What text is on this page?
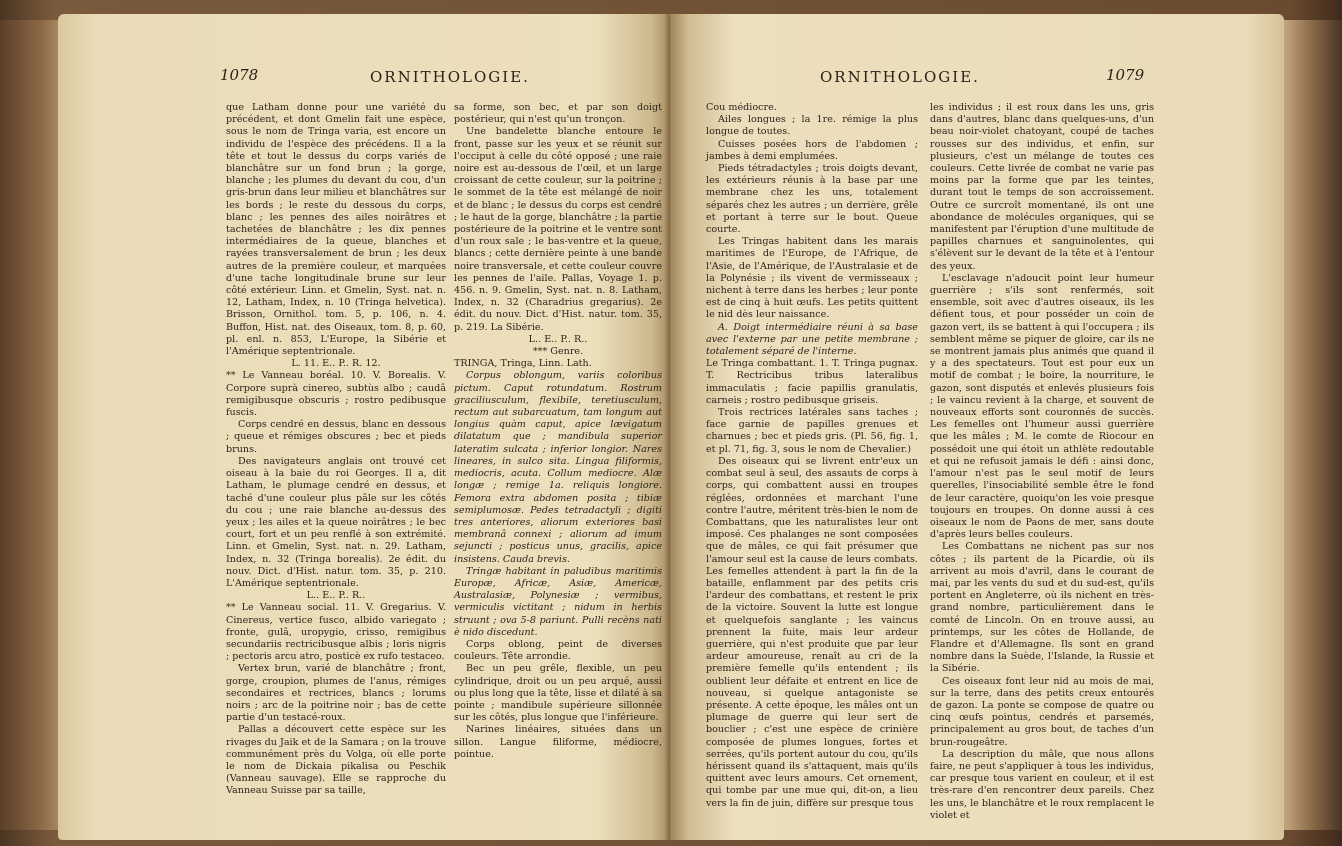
1078	ORNITHOLOGIE.

que Latham donne pour une variété du précédent, et dont Gmelin fait une espèce, sous le nom de Tringa varia, est encore un individu de l'espèce des précédens. Il a la tête et tout le dessus du corps variés de blanchâtre sur un fond brun ; la gorge, blanche ; les plumes du devant du cou, d'un gris-brun dans leur milieu et blanchâtres sur les bords ; le reste du dessous du corps, blanc ; les pennes des ailes noirâtres et tachetées de blanchâtre ; les dix pennes intermédiaires de la queue, blanches et rayées transversalement de brun ; les deux autres de la première couleur, et marquées d'une tache longitudinale brune sur leur côté extérieur. Linn. et Gmelin, Syst. nat. n. 12, Latham, Index, n. 10 (Tringa helvetica). Brisson, Ornithol. tom. 5, p. 106, n. 4. Buffon, Hist. nat. des Oiseaux, tom. 8, p. 60, pl. enl. n. 853, L'Europe, la Sibérie et l'Amérique septentrionale.

L. 11. E.. P.. R. 12.

** Le Vanneau boréal. 10. V. Borealis. V. Corpore suprà cinereo, subtùs albo ; caudâ remigibusque obscuris ; rostro pedibusque fuscis.

Corps cendré en dessus, blanc en dessous ; queue et rémiges obscures ; bec et pieds bruns.

Des navigateurs anglais ont trouvé cet oiseau à la baie du roi Georges. Il a, dit Latham, le plumage cendré en dessus, et taché d'une couleur plus pâle sur les côtés du cou ; une raie blanche au-dessus des yeux ; les ailes et la queue noirâtres ; le bec court, fort et un peu renflé à son extrémité. Linn. et Gmelin, Syst. nat. n. 29. Latham, Index, n. 32 (Tringa borealis). 2e édit. du nouv. Dict. d'Hist. natur. tom. 35, p. 210. L'Amérique septentrionale.

L.. E.. P.. R..

** Le Vanneau social. 11. V. Gregarius. V. Cinereus, vertice fusco, albido variegato ; fronte, gulâ, uropygio, crisso, remigibus secundariis rectricibusque albis ; loris nigris ; pectoris arcu atro, posticè ex rufo testaceo.

Vertex brun, varié de blanchâtre ; front, gorge, croupion, plumes de l'anus, rémiges secondaires et rectrices, blancs ; lorums noirs ; arc de la poitrine noir ; bas de cette partie d'un testacé-roux.

Pallas a découvert cette espèce sur les rivages du Jaik et de la Samara ; on la trouve communément près du Volga, où elle porte le nom de Dickaia pikalisa ou Peschik (Vanneau sauvage). Elle se rapproche du Vanneau Suisse par sa taille,

sa forme, son bec, et par son doigt postérieur, qui n'est qu'un tronçon.

Une bandelette blanche entoure le front, passe sur les yeux et se réunit sur l'occiput à celle du côté opposé ; une raie noire est au-dessous de l'œil, et un large croissant de cette couleur, sur la poitrine ; le sommet de la tête est mélangé de noir et de blanc ; le dessus du corps est cendré ; le haut de la gorge, blanchâtre ; la partie postérieure de la poitrine et le ventre sont d'un roux sale ; le bas-ventre et la queue, blancs ; cette dernière peinte à une bande noire transversale, et cette couleur couvre les pennes de l'aile. Pallas, Voyage 1. p. 456. n. 9. Gmelin, Syst. nat. n. 8. Latham, Index, n. 32 (Charadrius gregarius). 2e édit. du nouv. Dict. d'Hist. natur. tom. 35, p. 219. La Sibérie.

L.. E.. P.. R..

*** Genre.

TRINGA, Tringa, Linn. Lath.

Corpus oblongum, variis coloribus pictum. Caput rotundatum. Rostrum graciliusculum, flexibile, teretiusculum, rectum aut subarcuatum, tam longum aut longius quàm caput, apice lævigatum dilatatum que ; mandibula superior lateratim sulcata ; inferior longior. Nares lineares, in sulco sita. Lingua filiformis, mediocris, acuta. Collum mediocre. Alæ longæ ; remige 1a. reliquis longiore. Femora extra abdomen posita ; tibiæ semiplumosæ. Pedes tetradactyli ; digiti tres anteriores, aliorum exteriores basi membranâ connexi ; aliorum ad imum sejuncti ; posticus unus, gracilis, apice insistens. Cauda brevis.

Tringæ habitant in paludibus maritimis Europæ, Africæ, Asiæ, Americæ, Australasiæ, Polynesiæ ; vermibus, vermiculis victitant ; nidum in herbis struunt ; ova 5-8 pariunt. Pulli recèns nati è nido discedunt.

Corps oblong, peint de diverses couleurs. Tête arrondie.

Bec un peu grêle, flexible, un peu cylindrique, droit ou un peu arqué, aussi ou plus long que la tête, lisse et dilaté à sa pointe ; mandibule supérieure sillonnée sur les côtés, plus longue que l'inférieure.

Narines linéaires, situées dans un sillon. Langue filiforme, médiocre, pointue.

ORNITHOLOGIE.	1079

Cou médiocre.

Ailes longues ; la 1re. rémige la plus longue de toutes.

Cuisses posées hors de l'abdomen ; jambes à demi emplumées.

Pieds tétradactyles ; trois doigts devant, les extérieurs réunis à la base par une membrane chez les uns, totalement séparés chez les autres ; un derrière, grêle et portant à terre sur le bout. Queue courte.

Les Tringas habitent dans les marais maritimes de l'Europe, de l'Afrique, de l'Asie, de l'Amérique, de l'Australasie et de la Polynésie ; ils vivent de vermisseaux ; nichent à terre dans les herbes ; leur ponte est de cinq à huit œufs. Les petits quittent le nid dès leur naissance.

A. Doigt intermédiaire réuni à sa base avec l'externe par une petite membrane ; totalement séparé de l'interne.

Le Tringa combattant. 1. T. Tringa pugnax. T. Rectricibus tribus lateralibus immaculatis ; facie papillis granulatis, carneis ; rostro pedibusque griseis.

Trois rectrices latérales sans taches ; face garnie de papilles grenues et charnues ; bec et pieds gris. (Pl. 56, fig. 1, et pl. 71, fig. 3, sous le nom de Chevalier.)

Des oiseaux qui se livrent entr'eux un combat seul à seul, des assauts de corps à corps, qui combattent aussi en troupes réglées, ordonnées et marchant l'une contre l'autre, méritent très-bien le nom de Combattans, que les naturalistes leur ont imposé. Ces phalanges ne sont composées que de mâles, ce qui fait présumer que l'amour seul est la cause de leurs combats. Les femelles attendent à part la fin de la bataille, enflamment par des petits cris l'ardeur des combattans, et restent le prix de la victoire. Souvent la lutte est longue et quelquefois sanglante ; les vaincus prennent la fuite, mais leur ardeur guerrière, qui n'est produite que par leur ardeur amoureuse, renaît au cri de la première femelle qu'ils entendent ; ils oublient leur défaite et entrent en lice de nouveau, si quelque antagoniste se présente. A cette époque, les mâles ont un plumage de guerre qui leur sert de bouclier ; c'est une espèce de crinière composée de plumes longues, fortes et serrées, qu'ils portent autour du cou, qu'ils hérissent quand ils s'attaquent, mais qu'ils quittent avec leurs amours. Cet ornement, qui tombe par une mue qui, dit-on, a lieu vers la fin de juin, diffère sur presque tous

les individus ; il est roux dans les uns, gris dans d'autres, blanc dans quelques-uns, d'un beau noir-violet chatoyant, coupé de taches rousses sur des individus, et enfin, sur plusieurs, c'est un mélange de toutes ces couleurs. Cette livrée de combat ne varie pas moins par la forme que par les teintes, durant tout le temps de son accroissement. Outre ce surcroît momentané, ils ont une abondance de molécules organiques, qui se manifestent par l'éruption d'une multitude de papilles charnues et sanguinolentes, qui s'élèvent sur le devant de la tête et à l'entour des yeux.

L'esclavage n'adoucit point leur humeur guerrière ; s'ils sont renfermés, soit ensemble, soit avec d'autres oiseaux, ils les défient tous, et pour posséder un coin de gazon vert, ils se battent à qui l'occupera ; ils semblent même se piquer de gloire, car ils ne se montrent jamais plus animés que quand il y a des spectateurs. Tout est pour eux un motif de combat ; le boire, la nourriture, le gazon, sont disputés et enlevés plusieurs fois ; le vaincu revient à la charge, et souvent de nouveaux efforts sont couronnés de succès. Les femelles ont l'humeur aussi guerrière que les mâles ; M. le comte de Riocour en possédoit une qui étoit un athlète redoutable et qui ne refusoit jamais le défi : ainsi donc, l'amour n'est pas le seul motif de leurs querelles, l'insociabilité semble être le fond de leur caractère, quoiqu'on les voie presque toujours en troupes. On donne aussi à ces oiseaux le nom de Paons de mer, sans doute d'après leurs belles couleurs.

Les Combattans ne nichent pas sur nos côtes ; ils partent de la Picardie, où ils arrivent au mois d'avril, dans le courant de mai, par les vents du sud et du sud-est, qu'ils portent en Angleterre, où ils nichent en très-grand nombre, particulièrement dans le comté de Lincoln. On en trouve aussi, au printemps, sur les côtes de Hollande, de Flandre et d'Allemagne. Ils sont en grand nombre dans la Suède, l'Islande, la Russie et la Sibérie.

Ces oiseaux font leur nid au mois de mai, sur la terre, dans des petits creux entourés de gazon. La ponte se compose de quatre ou cinq œufs pointus, cendrés et parsemés, principalement au gros bout, de taches d'un brun-rougeâtre.

La description du mâle, que nous allons faire, ne peut s'appliquer à tous les individus, car presque tous varient en couleur, et il est très-rare d'en rencontrer deux pareils. Chez les uns, le blanchâtre et le roux remplacent le violet et
